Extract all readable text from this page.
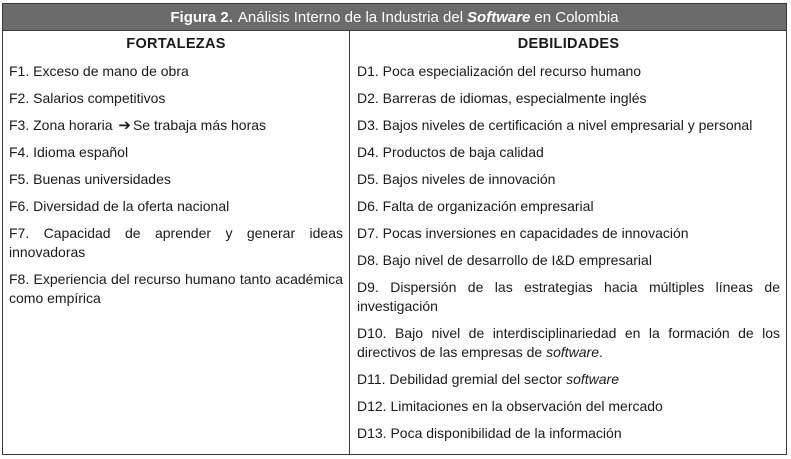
Figura 2. Análisis Interno de la Industria del Software en Colombia
FORTALEZAS
F1. Exceso de mano de obra
F2. Salarios competitivos
F3. Zona horaria ➔ Se trabaja más horas
F4. Idioma español
F5. Buenas universidades
F6. Diversidad de la oferta nacional
F7. Capacidad de aprender y generar ideas innovadoras
F8. Experiencia del recurso humano tanto académica como empírica
DEBILIDADES
D1. Poca especialización del recurso humano
D2. Barreras de idiomas, especialmente inglés
D3. Bajos niveles de certificación a nivel empresarial y personal
D4. Productos de baja calidad
D5. Bajos niveles de innovación
D6. Falta de organización empresarial
D7. Pocas inversiones en capacidades de innovación
D8. Bajo nivel de desarrollo de I&D empresarial
D9. Dispersión de las estrategias hacia múltiples líneas de investigación
D10. Bajo nivel de interdisciplinariedad en la formación de los directivos de las empresas de software.
D11. Debilidad gremial del sector software
D12. Limitaciones en la observación del mercado
D13. Poca disponibilidad de la información
